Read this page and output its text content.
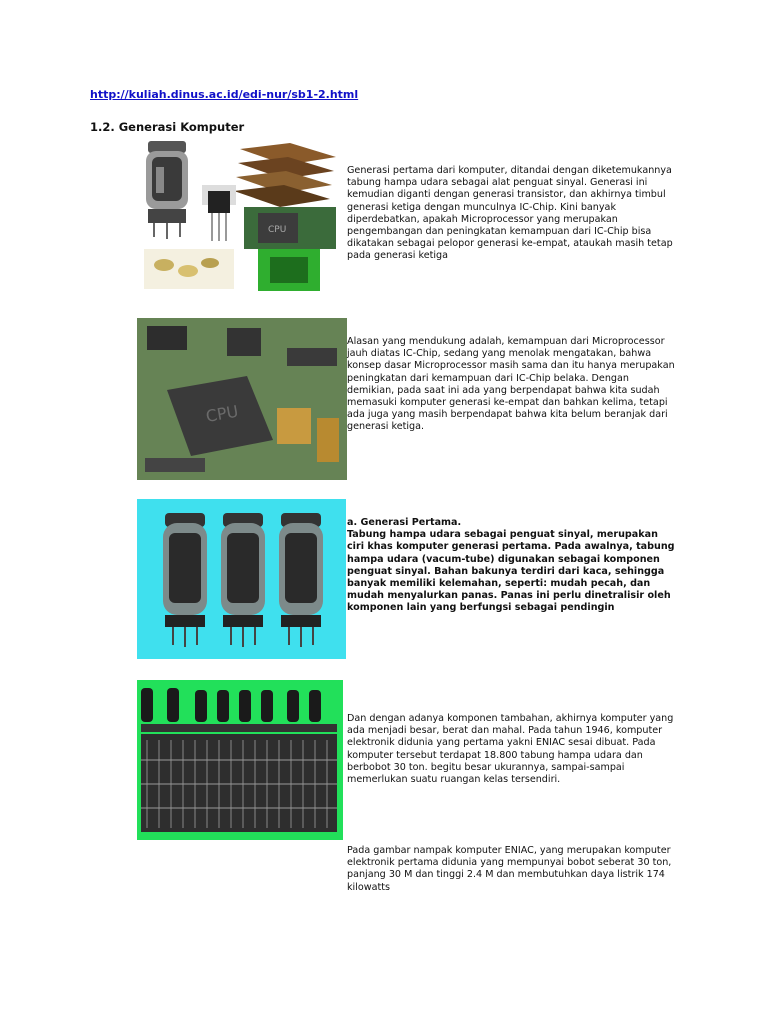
http://kuliah.dinus.ac.id/edi-nur/sb1-2.html
1.2. Generasi Komputer
CPU
CPU
Generasi pertama dari komputer, ditandai dengan diketemukannya tabung hampa udara sebagai alat penguat sinyal. Generasi ini kemudian diganti dengan generasi transistor, dan akhirnya timbul generasi ketiga dengan munculnya IC-Chip. Kini banyak diperdebatkan, apakah Microprocessor yang merupakan pengembangan dan peningkatan kemampuan dari IC-Chip bisa dikatakan sebagai pelopor generasi ke-empat, ataukah masih tetap pada generasi ketiga
Alasan yang mendukung adalah, kemampuan dari Microprocessor jauh diatas IC-Chip, sedang yang menolak mengatakan, bahwa konsep dasar Microprocessor masih sama dan itu hanya merupakan peningkatan dari kemampuan dari IC-Chip belaka. Dengan demikian, pada saat ini ada yang berpendapat bahwa kita sudah memasuki komputer generasi ke-empat dan bahkan kelima, tetapi ada juga yang masih berpendapat bahwa kita belum beranjak dari generasi ketiga.
a. Generasi Pertama.
Tabung hampa udara sebagai penguat sinyal, merupakan ciri khas komputer generasi pertama. Pada awalnya, tabung hampa udara (vacum-tube) digunakan sebagai komponen penguat sinyal. Bahan bakunya terdiri dari kaca, sehingga banyak memiliki kelemahan, seperti: mudah pecah, dan mudah menyalurkan panas. Panas ini perlu dinetralisir oleh komponen lain yang berfungsi sebagai pendingin
Dan dengan adanya komponen tambahan, akhirnya komputer yang ada menjadi besar, berat dan mahal. Pada tahun 1946, komputer elektronik didunia yang pertama yakni ENIAC sesai dibuat. Pada komputer tersebut terdapat 18.800 tabung hampa udara dan berbobot 30 ton. begitu besar ukurannya, sampai-sampai memerlukan suatu ruangan kelas tersendiri.
Pada gambar nampak komputer ENIAC, yang merupakan komputer elektronik pertama didunia yang mempunyai bobot seberat 30 ton, panjang 30 M dan tinggi 2.4 M dan membutuhkan daya listrik 174 kilowatts
